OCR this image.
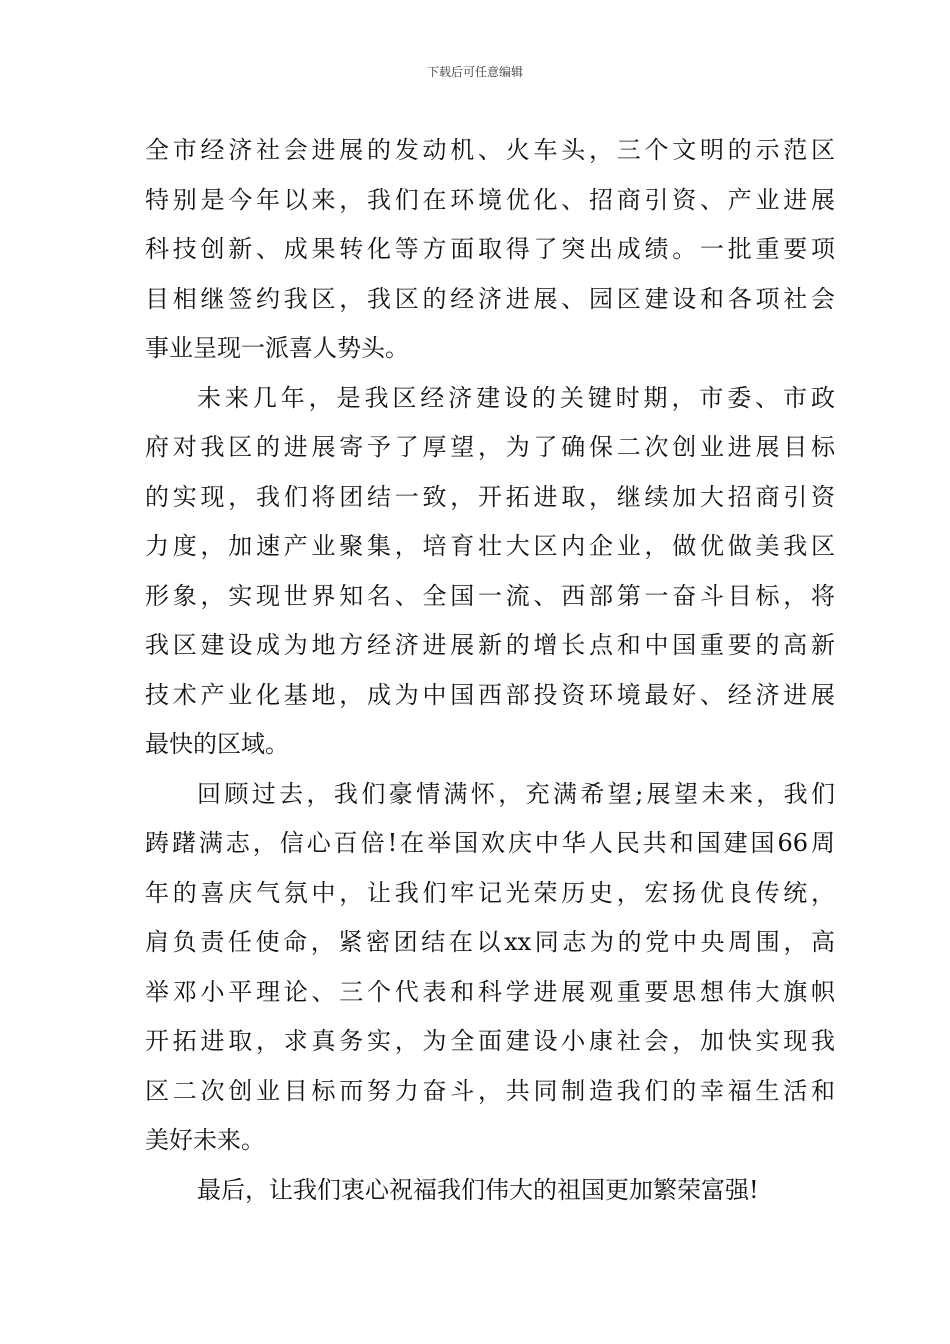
下载后可任意编辑
全市经济社会进展的发动机、火车头，三个文明的示范区
特别是今年以来，我们在环境优化、招商引资、产业进展
科技创新、成果转化等方面取得了突出成绩。一批重要项
目相继签约我区，我区的经济进展、园区建设和各项社会
事业呈现一派喜人势头。
未来几年，是我区经济建设的关键时期，市委、市政
府对我区的进展寄予了厚望，为了确保二次创业进展目标
的实现，我们将团结一致，开拓进取，继续加大招商引资
力度，加速产业聚集，培育壮大区内企业，做优做美我区
形象，实现世界知名、全国一流、西部第一奋斗目标，将
我区建设成为地方经济进展新的增长点和中国重要的高新
技术产业化基地，成为中国西部投资环境最好、经济进展
最快的区域。
回顾过去，我们豪情满怀，充满希望;展望未来，我们
踌躇满志，信心百倍!在举国欢庆中华人民共和国建国66周
年的喜庆气氛中，让我们牢记光荣历史，宏扬优良传统，
肩负责任使命，紧密团结在以xx同志为的党中央周围，高
举邓小平理论、三个代表和科学进展观重要思想伟大旗帜
开拓进取，求真务实，为全面建设小康社会，加快实现我
区二次创业目标而努力奋斗，共同制造我们的幸福生活和
美好未来。
最后，让我们衷心祝福我们伟大的祖国更加繁荣富强!
